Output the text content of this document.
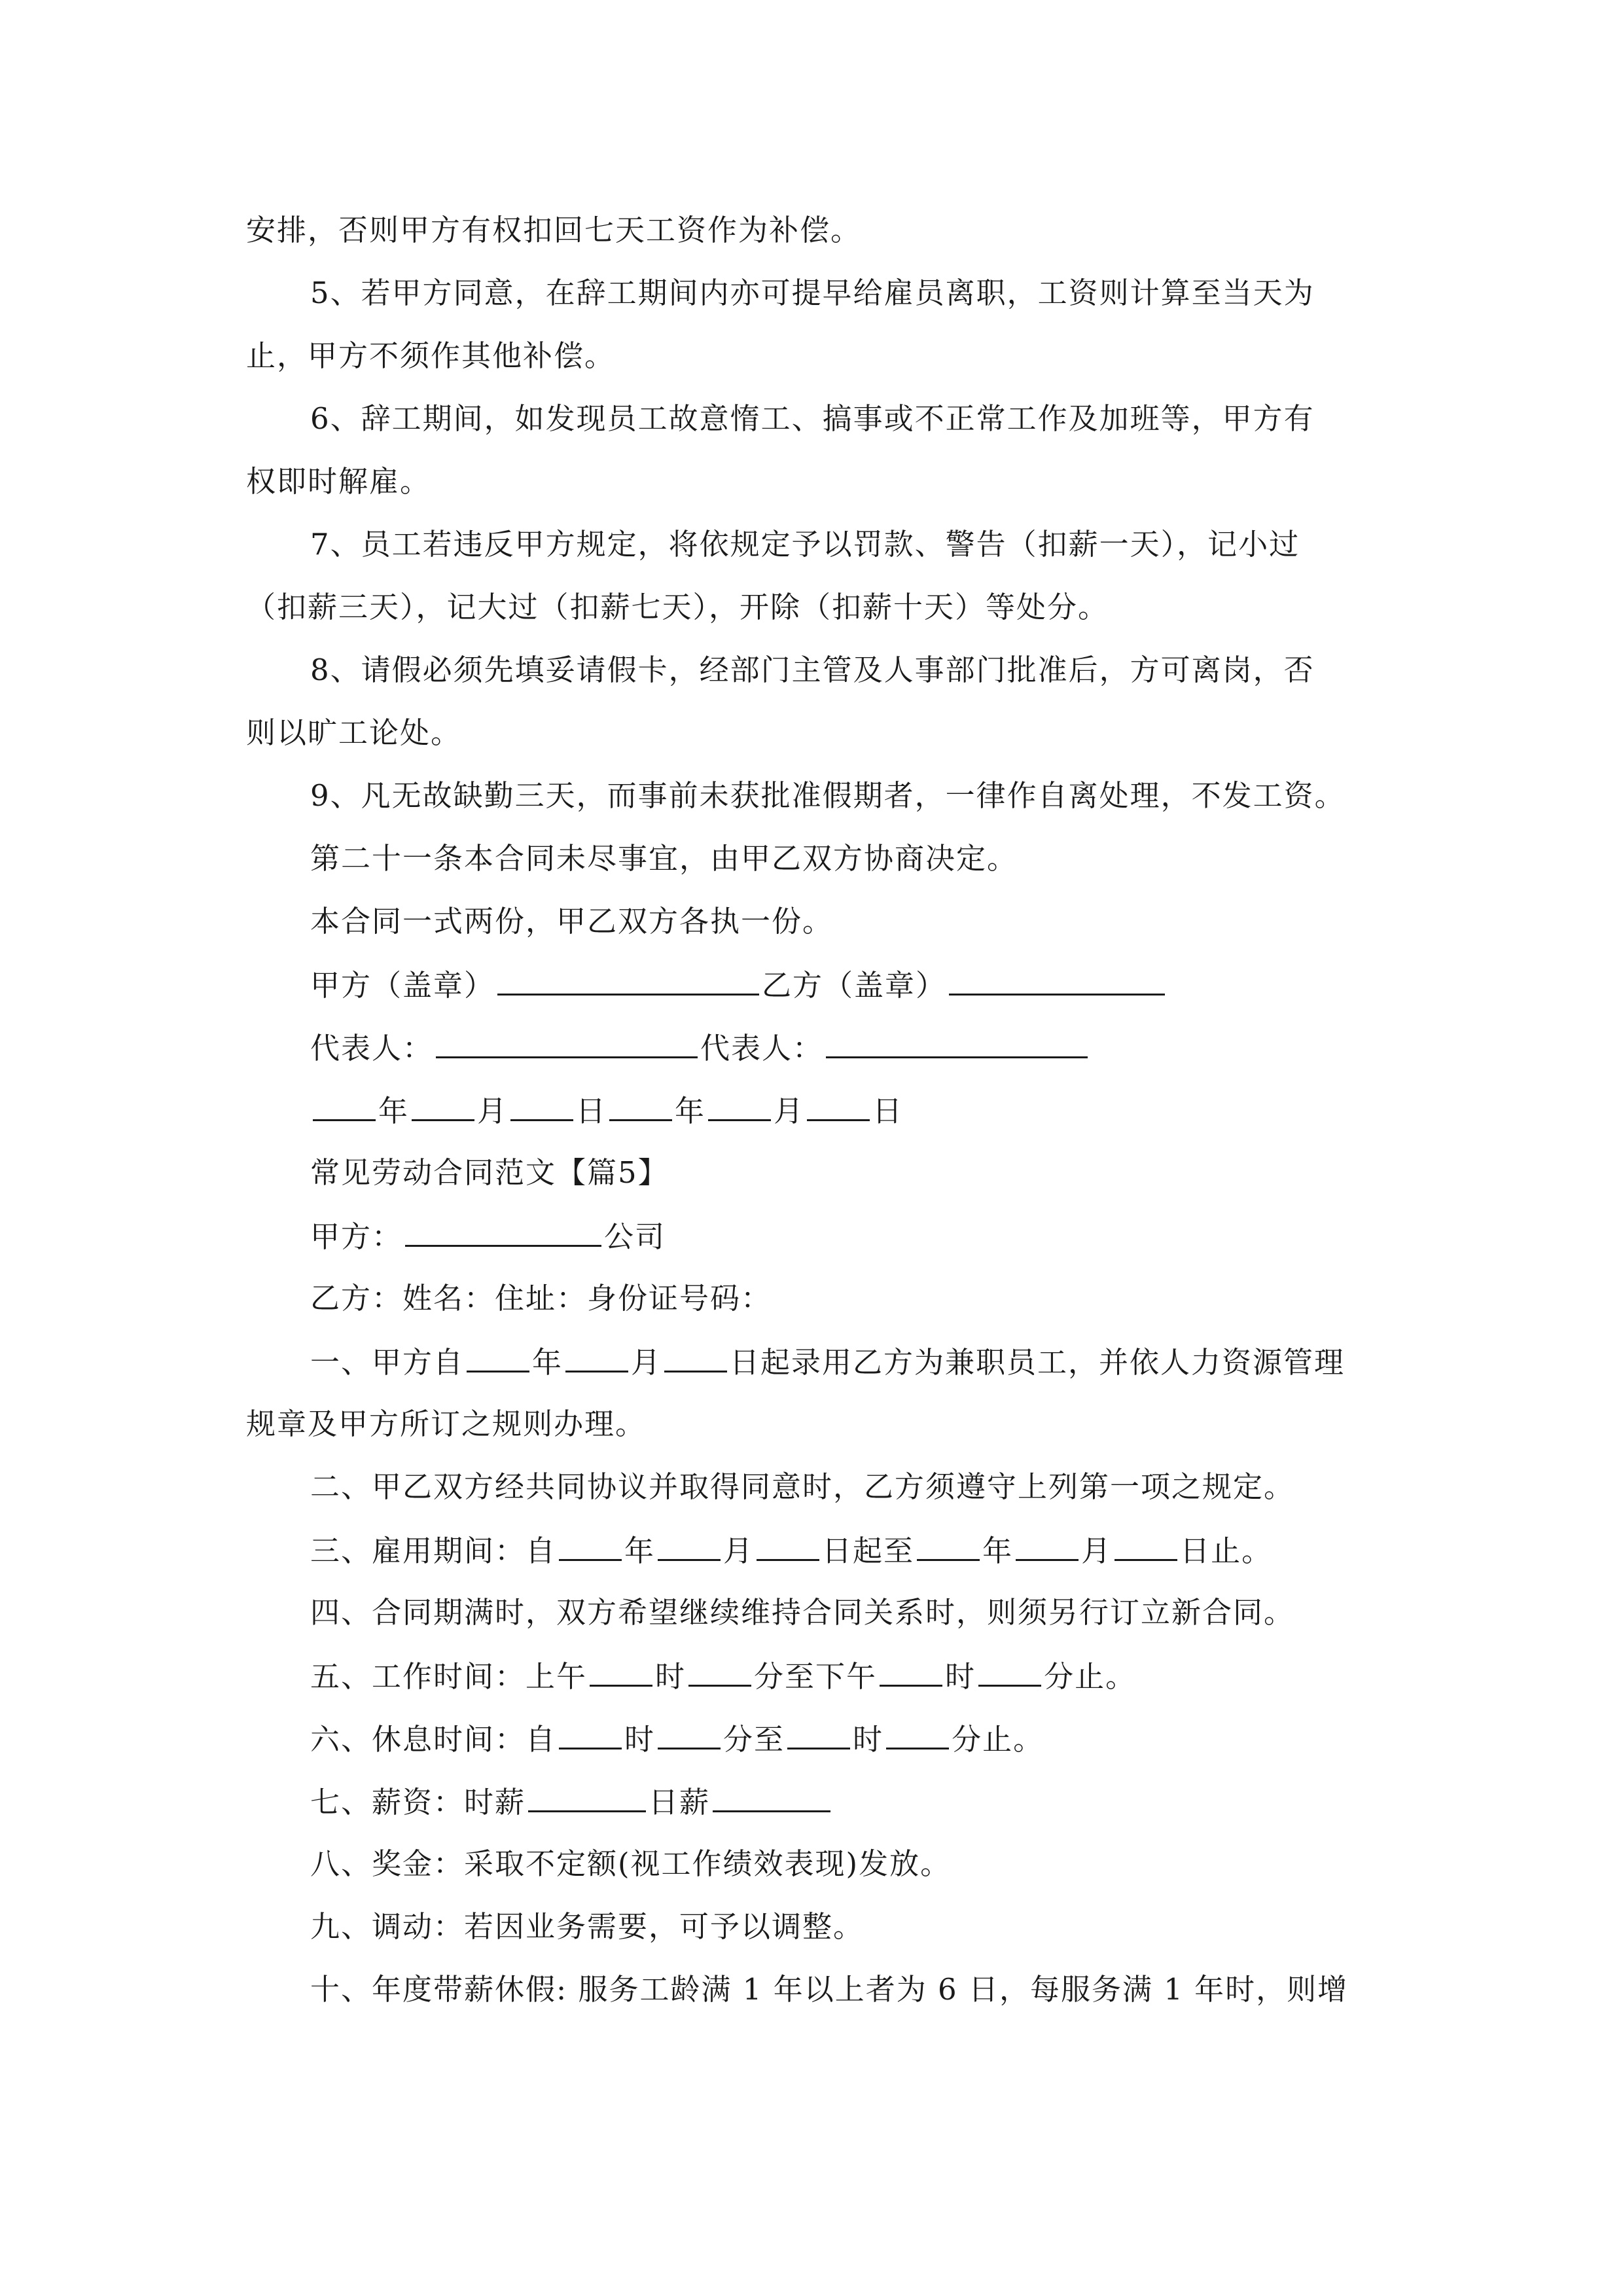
安排，否则甲方有权扣回七天工资作为补偿。
5、若甲方同意，在辞工期间内亦可提早给雇员离职，工资则计算至当天为
止，甲方不须作其他补偿。
6、辞工期间，如发现员工故意惰工、搞事或不正常工作及加班等，甲方有
权即时解雇。
7、员工若违反甲方规定，将依规定予以罚款、警告（扣薪一天），记小过
（扣薪三天），记大过（扣薪七天），开除（扣薪十天）等处分。
8、请假必须先填妥请假卡，经部门主管及人事部门批准后，方可离岗，否
则以旷工论处。
9、凡无故缺勤三天，而事前未获批准假期者，一律作自离处理，不发工资。
第二十一条本合同未尽事宜，由甲乙双方协商决定。
本合同一式两份，甲乙双方各执一份。
甲方（盖章）	乙方（盖章）
代表人：	代表人：
年 月 日 年 月 日
常见劳动合同范文【篇5】
甲方：	公司
乙方：姓名：住址：身份证号码：
一、甲方自 年 月 日起录用乙方为兼职员工，并依人力资源管理
规章及甲方所订之规则办理。
二、甲乙双方经共同协议并取得同意时，乙方须遵守上列第一项之规定。
三、雇用期间：自 年 月 日起至 年 月 日止。
四、合同期满时，双方希望继续维持合同关系时，则须另行订立新合同。
五、工作时间：上午 时 分至下午 时 分止。
六、休息时间：自 时 分至 时 分止。
七、薪资：时薪	日薪
八、奖金：采取不定额(视工作绩效表现)发放。
九、调动：若因业务需要，可予以调整。
十、年度带薪休假: 服务工龄满 1 年以上者为 6 日，每服务满 1 年时，则增
